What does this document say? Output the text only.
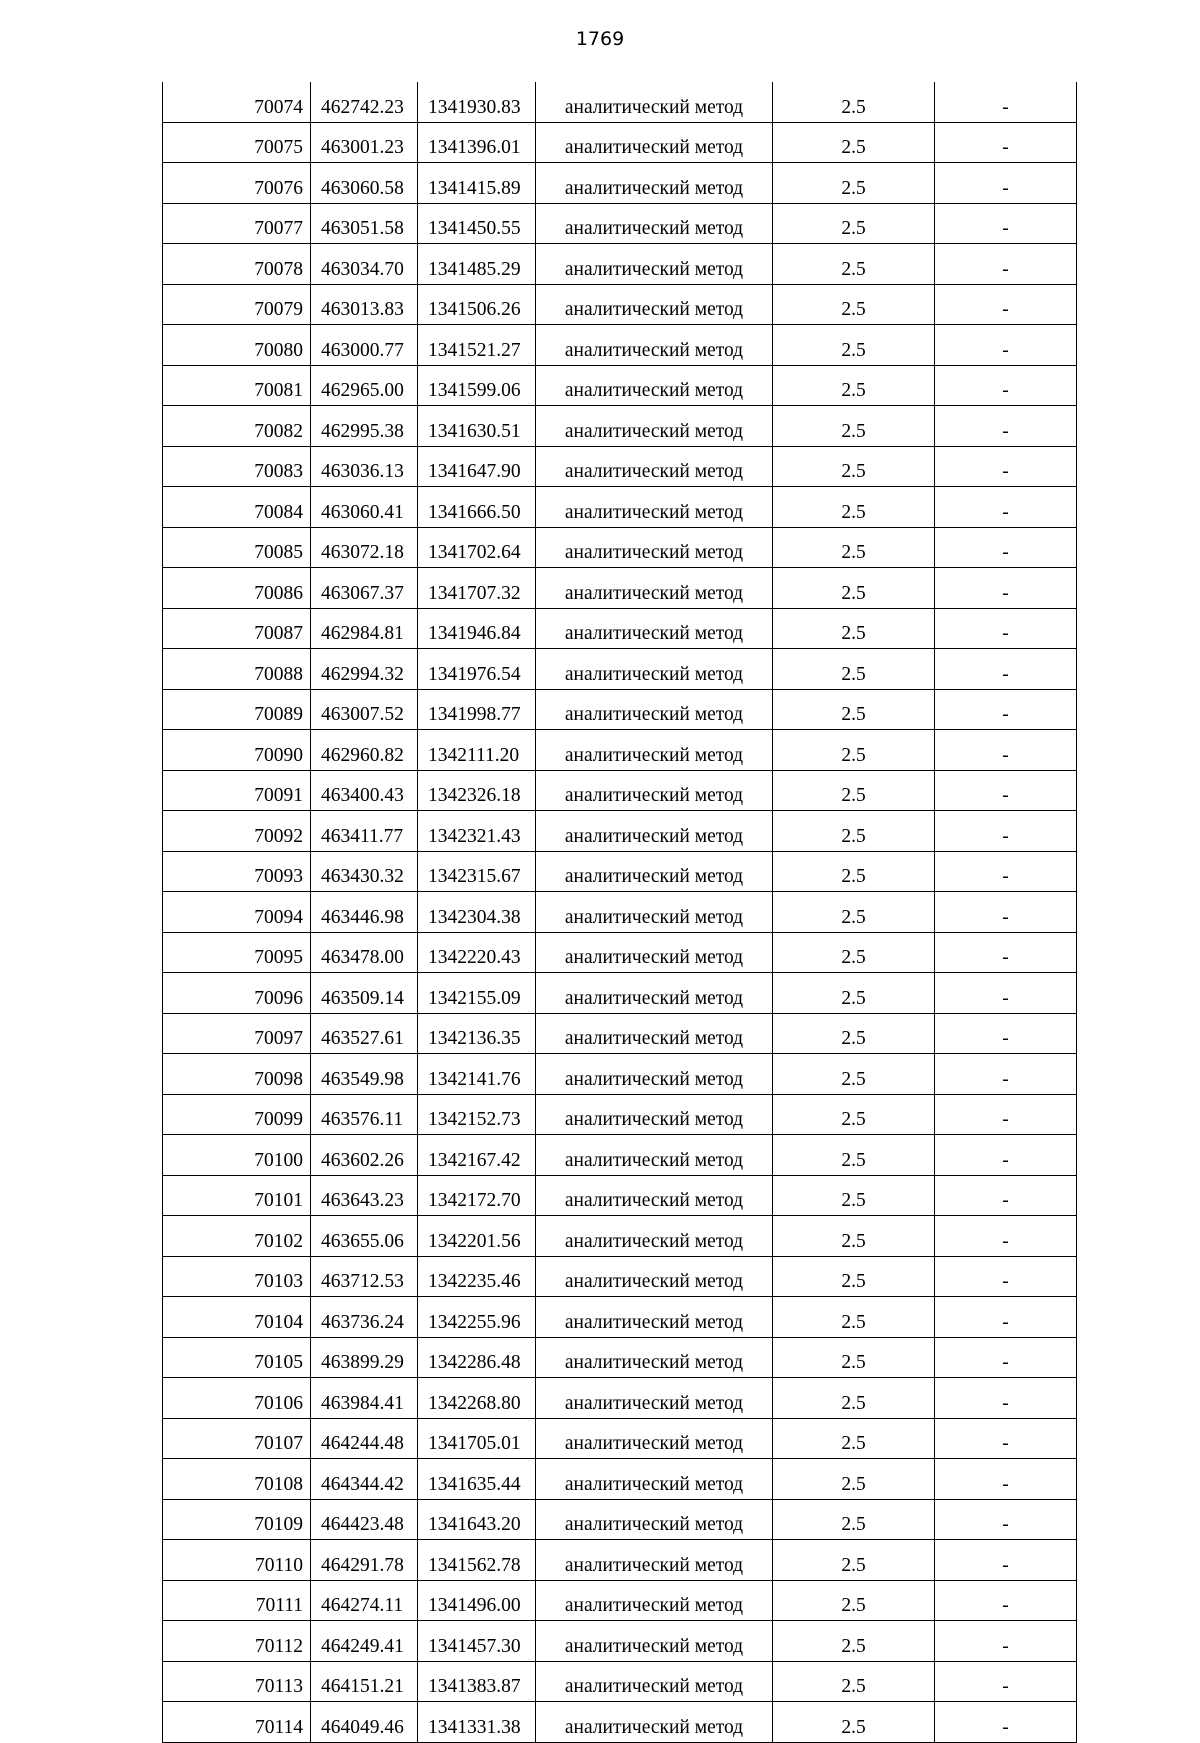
1769
70074	462742.23	1341930.83	аналитический метод	2.5	-
70075	463001.23	1341396.01	аналитический метод	2.5	-
70076	463060.58	1341415.89	аналитический метод	2.5	-
70077	463051.58	1341450.55	аналитический метод	2.5	-
70078	463034.70	1341485.29	аналитический метод	2.5	-
70079	463013.83	1341506.26	аналитический метод	2.5	-
70080	463000.77	1341521.27	аналитический метод	2.5	-
70081	462965.00	1341599.06	аналитический метод	2.5	-
70082	462995.38	1341630.51	аналитический метод	2.5	-
70083	463036.13	1341647.90	аналитический метод	2.5	-
70084	463060.41	1341666.50	аналитический метод	2.5	-
70085	463072.18	1341702.64	аналитический метод	2.5	-
70086	463067.37	1341707.32	аналитический метод	2.5	-
70087	462984.81	1341946.84	аналитический метод	2.5	-
70088	462994.32	1341976.54	аналитический метод	2.5	-
70089	463007.52	1341998.77	аналитический метод	2.5	-
70090	462960.82	1342111.20	аналитический метод	2.5	-
70091	463400.43	1342326.18	аналитический метод	2.5	-
70092	463411.77	1342321.43	аналитический метод	2.5	-
70093	463430.32	1342315.67	аналитический метод	2.5	-
70094	463446.98	1342304.38	аналитический метод	2.5	-
70095	463478.00	1342220.43	аналитический метод	2.5	-
70096	463509.14	1342155.09	аналитический метод	2.5	-
70097	463527.61	1342136.35	аналитический метод	2.5	-
70098	463549.98	1342141.76	аналитический метод	2.5	-
70099	463576.11	1342152.73	аналитический метод	2.5	-
70100	463602.26	1342167.42	аналитический метод	2.5	-
70101	463643.23	1342172.70	аналитический метод	2.5	-
70102	463655.06	1342201.56	аналитический метод	2.5	-
70103	463712.53	1342235.46	аналитический метод	2.5	-
70104	463736.24	1342255.96	аналитический метод	2.5	-
70105	463899.29	1342286.48	аналитический метод	2.5	-
70106	463984.41	1342268.80	аналитический метод	2.5	-
70107	464244.48	1341705.01	аналитический метод	2.5	-
70108	464344.42	1341635.44	аналитический метод	2.5	-
70109	464423.48	1341643.20	аналитический метод	2.5	-
70110	464291.78	1341562.78	аналитический метод	2.5	-
70111	464274.11	1341496.00	аналитический метод	2.5	-
70112	464249.41	1341457.30	аналитический метод	2.5	-
70113	464151.21	1341383.87	аналитический метод	2.5	-
70114	464049.46	1341331.38	аналитический метод	2.5	-
